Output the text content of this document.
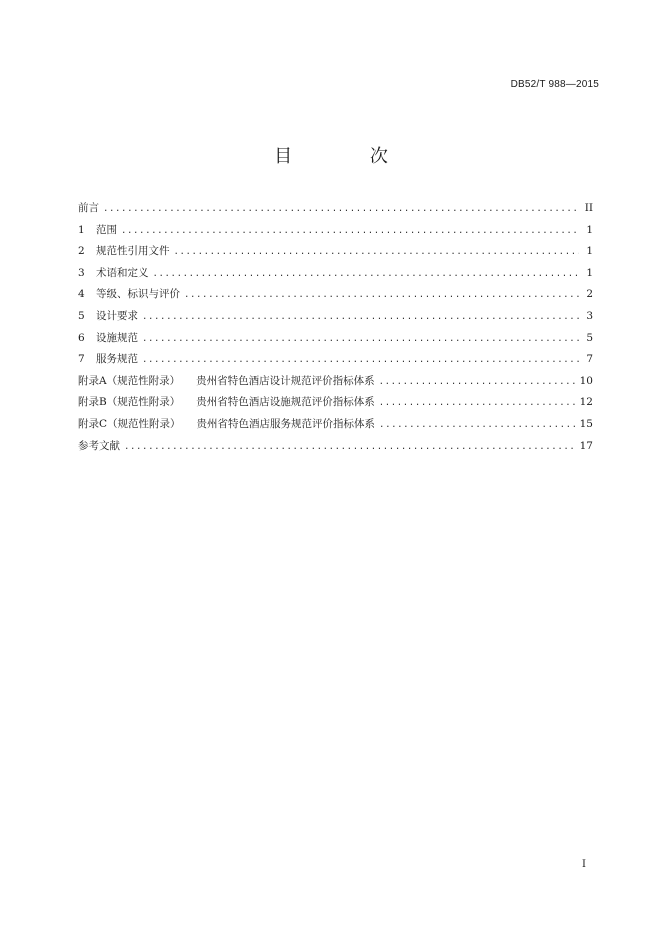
DB52/T 988—2015
目 次
前言 .....	II
1 范围 .....	1
2 规范性引用文件 .....	1
3 术语和定义 .....	1
4 等级、标识与评价 .....	2
5 设计要求 .....	3
6 设施规范 .....	5
7 服务规范 .....	7
附录A（规范性附录） 贵州省特色酒店设计规范评价指标体系 .....	10
附录B（规范性附录） 贵州省特色酒店设施规范评价指标体系 .....	12
附录C（规范性附录） 贵州省特色酒店服务规范评价指标体系 .....	15
参考文献 .....	17
I
